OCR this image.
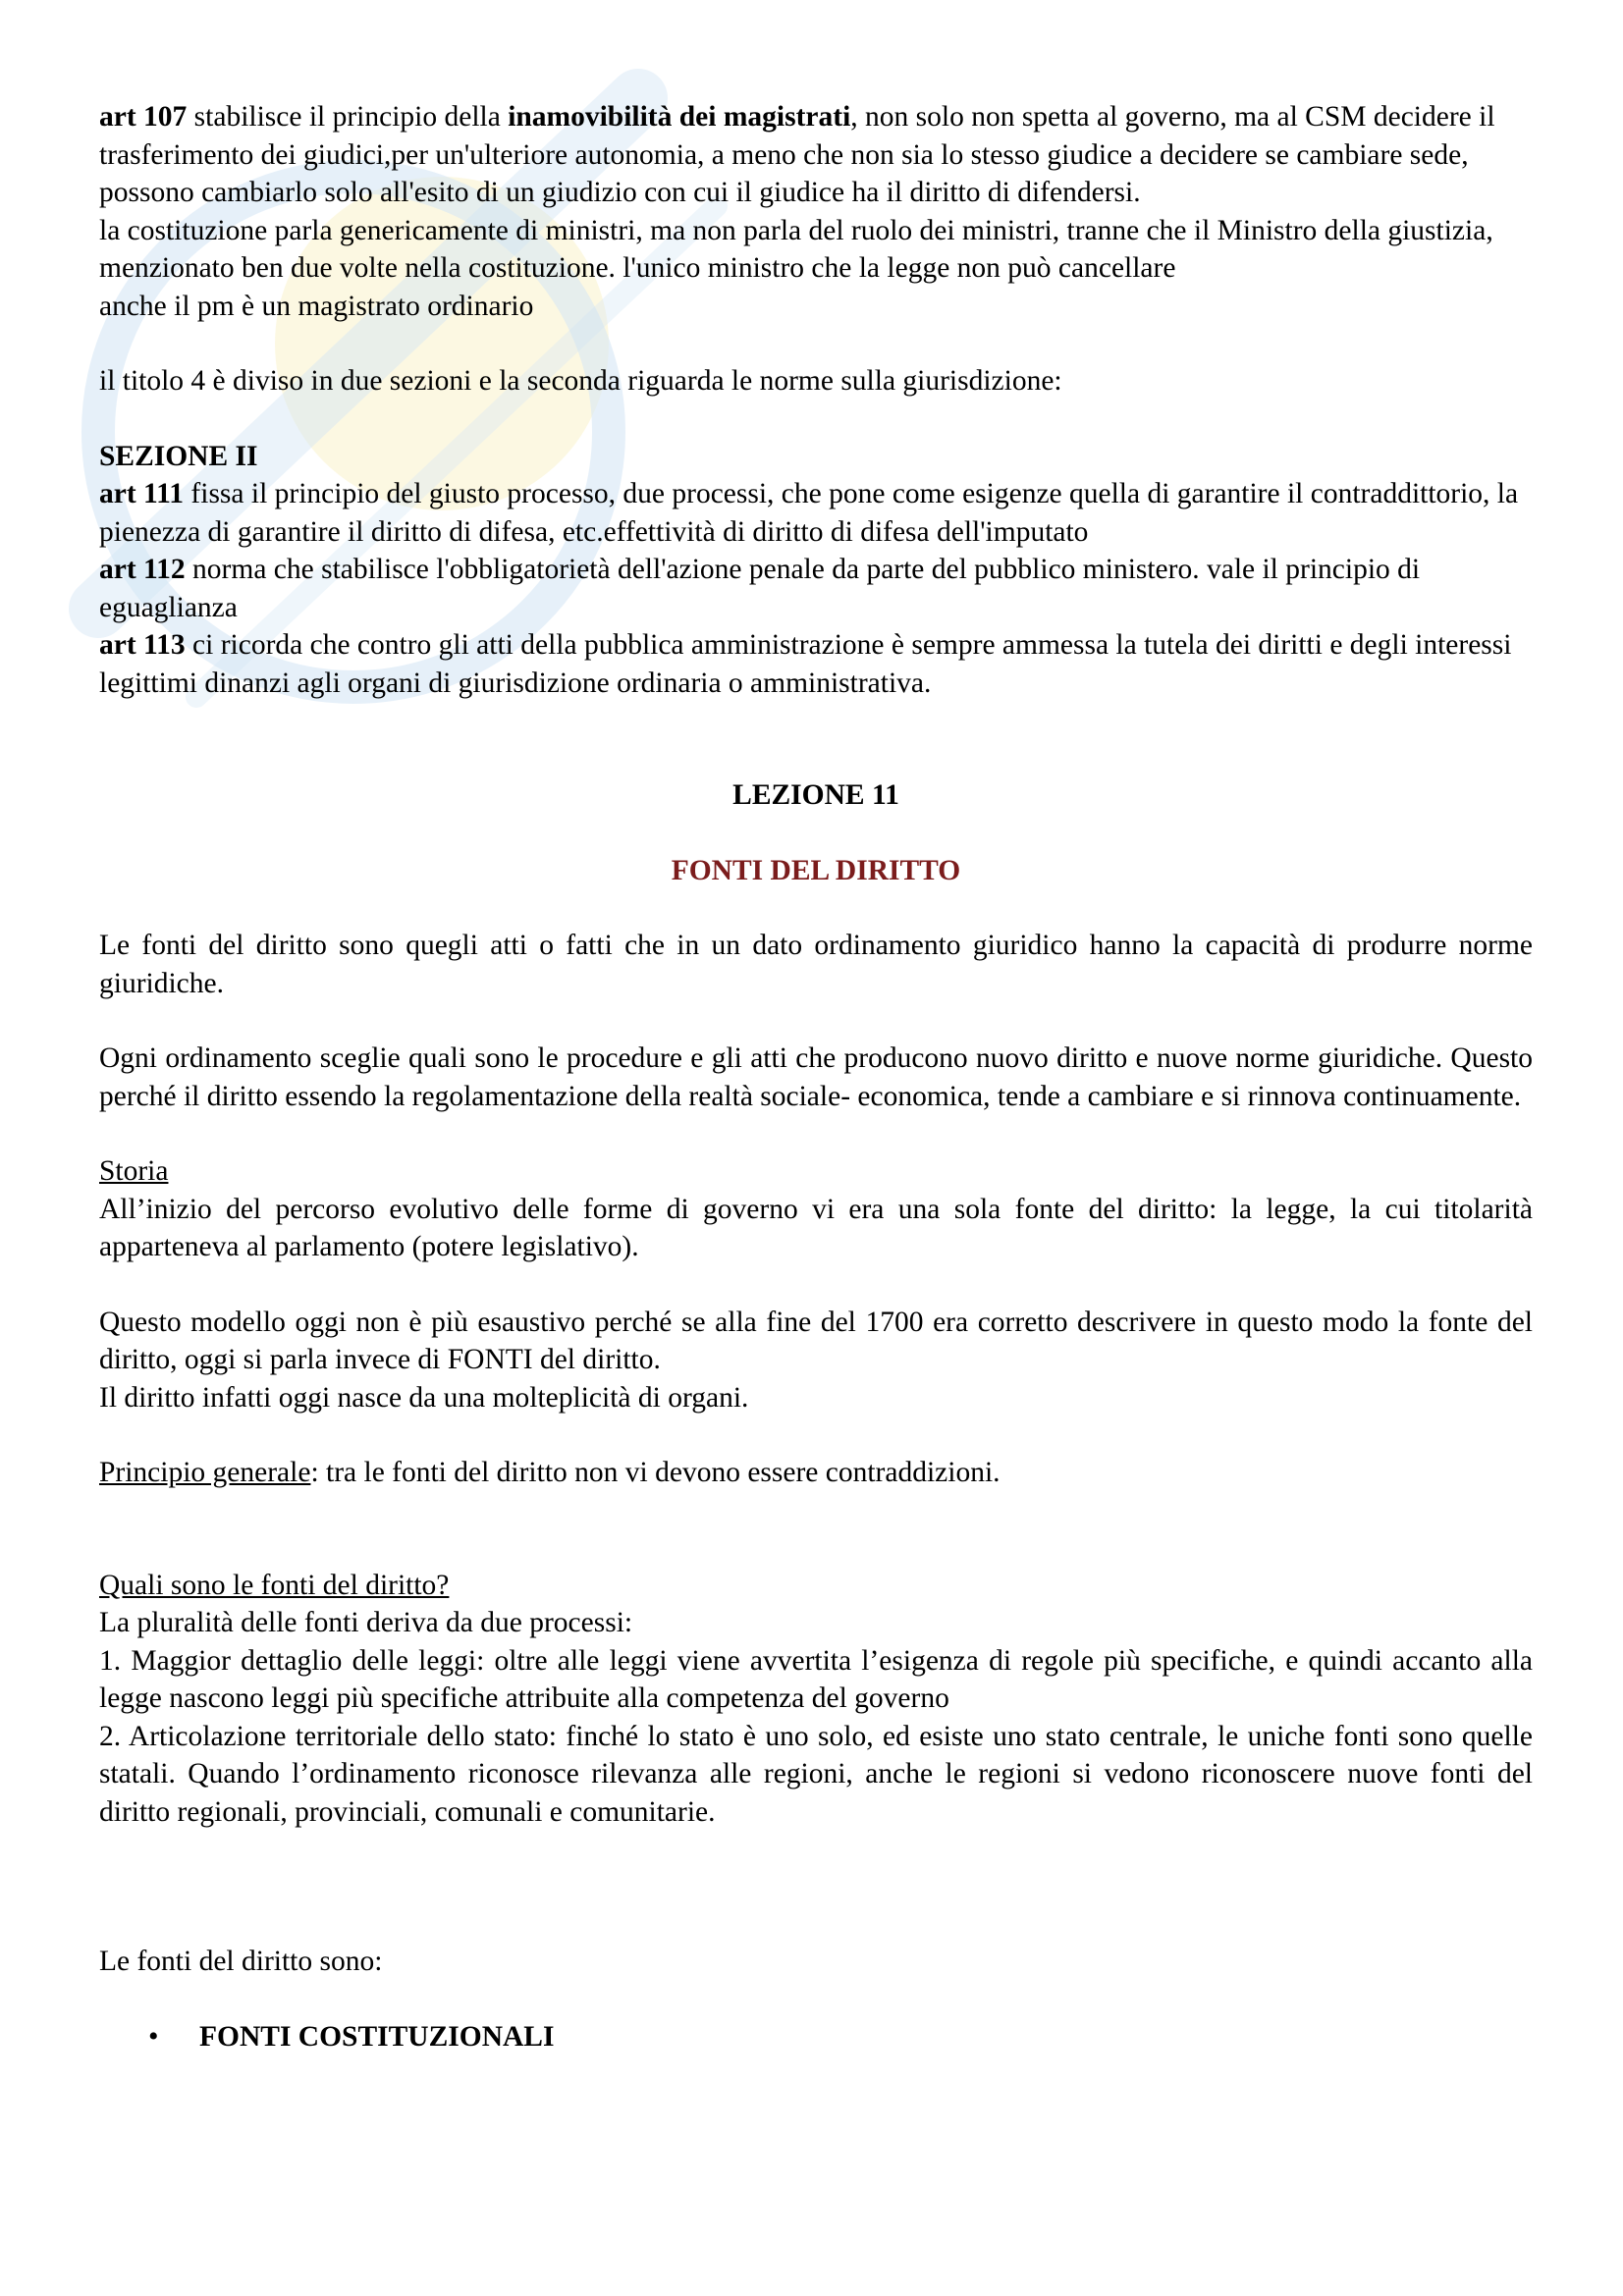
art 107 stabilisce il principio della inamovibilità dei magistrati, non solo non spetta al governo, ma al CSM decidere il trasferimento dei giudici,per un'ulteriore autonomia, a meno che non sia lo stesso giudice a decidere se cambiare sede, possono cambiarlo solo all'esito di un giudizio con cui il giudice ha il diritto di difendersi.

la costituzione parla genericamente di ministri, ma non parla del ruolo dei ministri, tranne che il Ministro della giustizia, menzionato ben due volte nella costituzione. l'unico ministro che la legge non può cancellare

anche il pm è un magistrato ordinario

il titolo 4 è diviso in due sezioni e la seconda riguarda le norme sulla giurisdizione:

SEZIONE II

art 111 fissa il principio del giusto processo, due processi, che pone come esigenze quella di garantire il contraddittorio, la pienezza di garantire il diritto di difesa, etc.effettività di diritto di difesa dell'imputato

art 112 norma che stabilisce l'obbligatorietà dell'azione penale da parte del pubblico ministero. vale il principio di eguaglianza

art 113 ci ricorda che contro gli atti della pubblica amministrazione è sempre ammessa la tutela dei diritti e degli interessi legittimi dinanzi agli organi di giurisdizione ordinaria o amministrativa.

LEZIONE 11

FONTI DEL DIRITTO

Le fonti del diritto sono quegli atti o fatti che in un dato ordinamento giuridico hanno la capacità di produrre norme giuridiche.

Ogni ordinamento sceglie quali sono le procedure e gli atti che producono nuovo diritto e nuove norme giuridiche. Questo perché il diritto essendo la regolamentazione della realtà sociale- economica, tende a cambiare e si rinnova continuamente.

Storia

All’inizio del percorso evolutivo delle forme di governo vi era una sola fonte del diritto: la legge, la cui titolarità apparteneva al parlamento (potere legislativo).

Questo modello oggi non è più esaustivo perché se alla fine del 1700 era corretto descrivere in questo modo la fonte del diritto, oggi si parla invece di FONTI del diritto.

Il diritto infatti oggi nasce da una molteplicità di organi.

Principio generale: tra le fonti del diritto non vi devono essere contraddizioni.

Quali sono le fonti del diritto?

La pluralità delle fonti deriva da due processi:

1. Maggior dettaglio delle leggi: oltre alle leggi viene avvertita l’esigenza di regole più specifiche, e quindi accanto alla legge nascono leggi più specifiche attribuite alla competenza del governo

2. Articolazione territoriale dello stato: finché lo stato è uno solo, ed esiste uno stato centrale, le uniche fonti sono quelle statali. Quando l’ordinamento riconosce rilevanza alle regioni, anche le regioni si vedono riconoscere nuove fonti del diritto regionali, provinciali, comunali e comunitarie.

Le fonti del diritto sono:

•	FONTI COSTITUZIONALI
